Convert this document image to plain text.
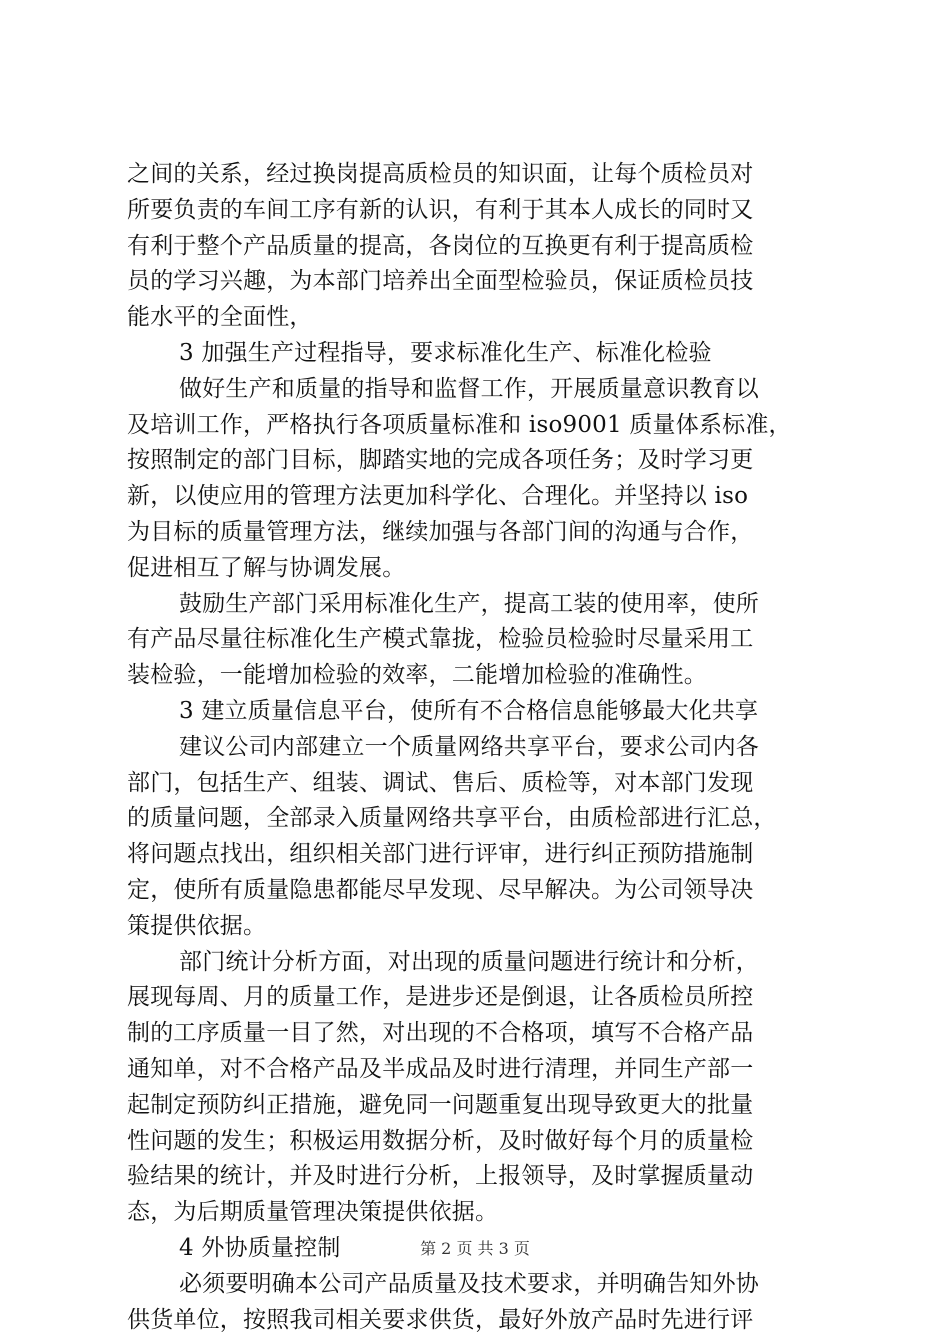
之间的关系，经过换岗提高质检员的知识面，让每个质检员对
所要负责的车间工序有新的认识，有利于其本人成长的同时又
有利于整个产品质量的提高，各岗位的互换更有利于提高质检
员的学习兴趣，为本部门培养出全面型检验员，保证质检员技
能水平的全面性，
3 加强生产过程指导，要求标准化生产、标准化检验
做好生产和质量的指导和监督工作，开展质量意识教育以
及培训工作，严格执行各项质量标准和 iso9001 质量体系标准，
按照制定的部门目标，脚踏实地的完成各项任务；及时学习更
新，以使应用的管理方法更加科学化、合理化。并坚持以 iso
为目标的质量管理方法，继续加强与各部门间的沟通与合作，
促进相互了解与协调发展。
鼓励生产部门采用标准化生产，提高工装的使用率，使所
有产品尽量往标准化生产模式靠拢，检验员检验时尽量采用工
装检验，一能增加检验的效率，二能增加检验的准确性。
3 建立质量信息平台，使所有不合格信息能够最大化共享
建议公司内部建立一个质量网络共享平台，要求公司内各
部门，包括生产、组装、调试、售后、质检等，对本部门发现
的质量问题，全部录入质量网络共享平台，由质检部进行汇总，
将问题点找出，组织相关部门进行评审，进行纠正预防措施制
定，使所有质量隐患都能尽早发现、尽早解决。为公司领导决
策提供依据。
部门统计分析方面，对出现的质量问题进行统计和分析，
展现每周、月的质量工作，是进步还是倒退，让各质检员所控
制的工序质量一目了然，对出现的不合格项，填写不合格产品
通知单，对不合格产品及半成品及时进行清理，并同生产部一
起制定预防纠正措施，避免同一问题重复出现导致更大的批量
性问题的发生；积极运用数据分析，及时做好每个月的质量检
验结果的统计，并及时进行分析，上报领导，及时掌握质量动
态，为后期质量管理决策提供依据。
4 外协质量控制
必须要明确本公司产品质量及技术要求，并明确告知外协
供货单位，按照我司相关要求供货，最好外放产品时先进行评
第 2 页 共 3 页
